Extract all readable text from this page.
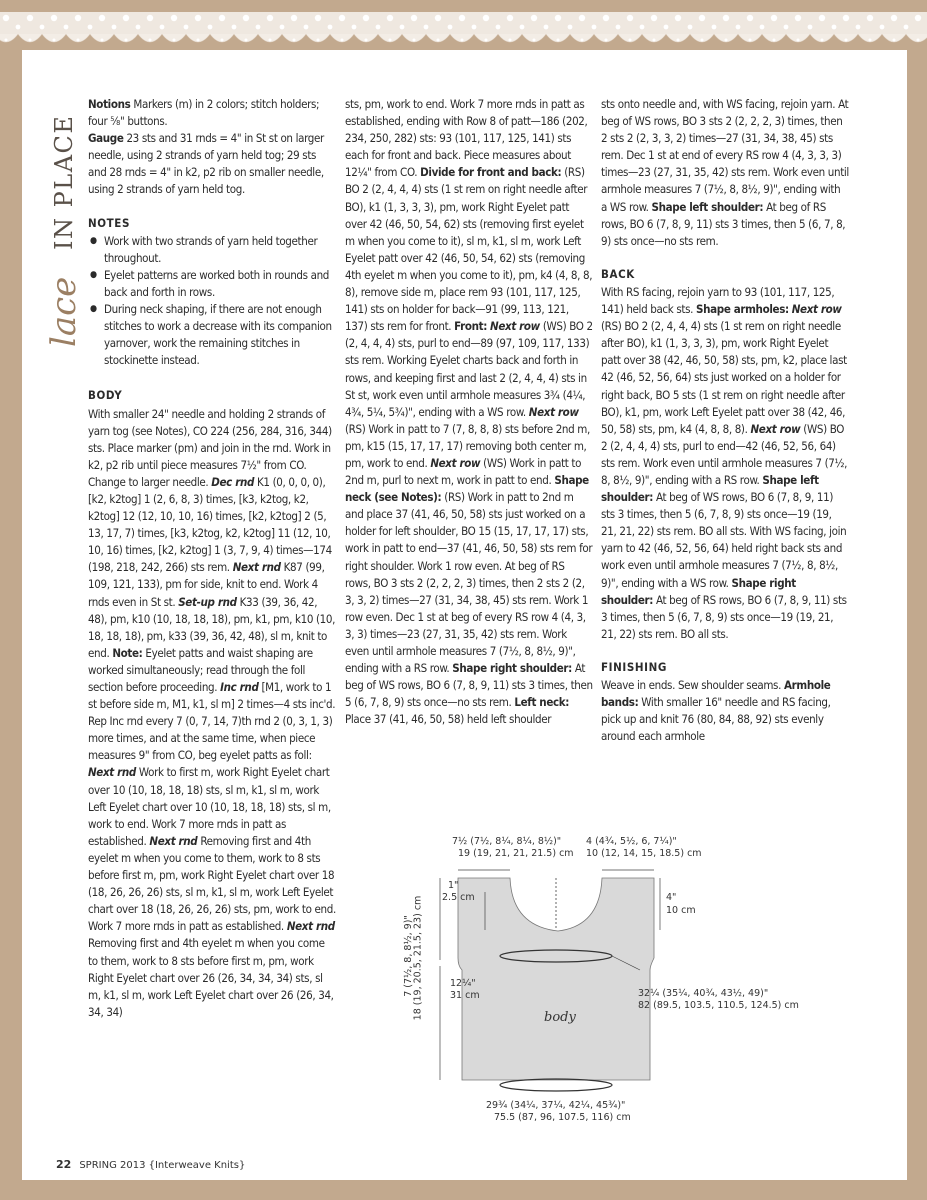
lace
IN PLACE

Notions Markers (m) in 2 colors; stitch holders; four ⅝" buttons.

Gauge 23 sts and 31 rnds = 4" in St st on larger needle, using 2 strands of yarn held tog; 29 sts and 28 rnds = 4" in k2, p2 rib on smaller needle, using 2 strands of yarn held tog.

NOTES
● Work with two strands of yarn held together throughout.
● Eyelet patterns are worked both in rounds and back and forth in rows.
● During neck shaping, if there are not enough stitches to work a decrease with its companion yarnover, work the remaining stitches in stockinette instead.
BODY

With smaller 24" needle and holding 2 strands of yarn tog (see Notes), CO 224 (256, 284, 316, 344) sts. Place marker (pm) and join in the rnd. Work in k2, p2 rib until piece measures 7½" from CO. Change to larger needle. Dec rnd K1 (0, 0, 0, 0), [k2, k2tog] 1 (2, 6, 8, 3) times, [k3, k2tog, k2, k2tog] 12 (12, 10, 10, 16) times, [k2, k2tog] 2 (5, 13, 17, 7) times, [k3, k2tog, k2, k2tog] 11 (12, 10, 10, 16) times, [k2, k2tog] 1 (3, 7, 9, 4) times—174 (198, 218, 242, 266) sts rem. Next rnd K87 (99, 109, 121, 133), pm for side, knit to end. Work 4 rnds even in St st. Set-up rnd K33 (39, 36, 42, 48), pm, k10 (10, 18, 18, 18), pm, k1, pm, k10 (10, 18, 18, 18), pm, k33 (39, 36, 42, 48), sl m, knit to end. Note: Eyelet patts and waist shaping are worked simultaneously; read through the foll section before proceeding. Inc rnd [M1, work to 1 st before side m, M1, k1, sl m] 2 times—4 sts inc'd. Rep Inc rnd every 7 (0, 7, 14, 7)th rnd 2 (0, 3, 1, 3) more times, and at the same time, when piece measures 9" from CO, beg eyelet patts as foll: Next rnd Work to first m, work Right Eyelet chart over 10 (10, 18, 18, 18) sts, sl m, k1, sl m, work Left Eyelet chart over 10 (10, 18, 18, 18) sts, sl m, work to end. Work 7 more rnds in patt as established. Next rnd Removing first and 4th eyelet m when you come to them, work to 8 sts before first m, pm, work Right Eyelet chart over 18 (18, 26, 26, 26) sts, sl m, k1, sl m, work Left Eyelet chart over 18 (18, 26, 26, 26) sts, pm, work to end. Work 7 more rnds in patt as established. Next rnd Removing first and 4th eyelet m when you come to them, work to 8 sts before first m, pm, work Right Eyelet chart over 26 (26, 34, 34, 34) sts, sl m, k1, sl m, work Left Eyelet chart over 26 (26, 34, 34, 34)

sts, pm, work to end. Work 7 more rnds in patt as established, ending with Row 8 of patt—186 (202, 234, 250, 282) sts: 93 (101, 117, 125, 141) sts each for front and back. Piece measures about 12¼" from CO. Divide for front and back: (RS) BO 2 (2, 4, 4, 4) sts (1 st rem on right needle after BO), k1 (1, 3, 3, 3), pm, work Right Eyelet patt over 42 (46, 50, 54, 62) sts (removing first eyelet m when you come to it), sl m, k1, sl m, work Left Eyelet patt over 42 (46, 50, 54, 62) sts (removing 4th eyelet m when you come to it), pm, k4 (4, 8, 8, 8), remove side m, place rem 93 (101, 117, 125, 141) sts on holder for back—91 (99, 113, 121, 137) sts rem for front. Front: Next row (WS) BO 2 (2, 4, 4, 4) sts, purl to end—89 (97, 109, 117, 133) sts rem. Working Eyelet charts back and forth in rows, and keeping first and last 2 (2, 4, 4, 4) sts in St st, work even until armhole measures 3¾ (4¼, 4¾, 5¼, 5¾)", ending with a WS row. Next row (RS) Work in patt to 7 (7, 8, 8, 8) sts before 2nd m, pm, k15 (15, 17, 17, 17) removing both center m, pm, work to end. Next row (WS) Work in patt to 2nd m, purl to next m, work in patt to end. Shape neck (see Notes): (RS) Work in patt to 2nd m and place 37 (41, 46, 50, 58) sts just worked on a holder for left shoulder, BO 15 (15, 17, 17, 17) sts, work in patt to end—37 (41, 46, 50, 58) sts rem for right shoulder. Work 1 row even. At beg of RS rows, BO 3 sts 2 (2, 2, 2, 3) times, then 2 sts 2 (2, 3, 3, 2) times—27 (31, 34, 38, 45) sts rem. Work 1 row even. Dec 1 st at beg of every RS row 4 (4, 3, 3, 3) times—23 (27, 31, 35, 42) sts rem. Work even until armhole measures 7 (7½, 8, 8½, 9)", ending with a RS row. Shape right shoulder: At beg of WS rows, BO 6 (7, 8, 9, 11) sts 3 times, then 5 (6, 7, 8, 9) sts once—no sts rem. Left neck: Place 37 (41, 46, 50, 58) held left shoulder

sts onto needle and, with WS facing, rejoin yarn. At beg of WS rows, BO 3 sts 2 (2, 2, 2, 3) times, then 2 sts 2 (2, 3, 3, 2) times—27 (31, 34, 38, 45) sts rem. Dec 1 st at end of every RS row 4 (4, 3, 3, 3) times—23 (27, 31, 35, 42) sts rem. Work even until armhole measures 7 (7½, 8, 8½, 9)", ending with a WS row. Shape left shoulder: At beg of RS rows, BO 6 (7, 8, 9, 11) sts 3 times, then 5 (6, 7, 8, 9) sts once—no sts rem.

BACK

With RS facing, rejoin yarn to 93 (101, 117, 125, 141) held back sts. Shape armholes: Next row (RS) BO 2 (2, 4, 4, 4) sts (1 st rem on right needle after BO), k1 (1, 3, 3, 3), pm, work Right Eyelet patt over 38 (42, 46, 50, 58) sts, pm, k2, place last 42 (46, 52, 56, 64) sts just worked on a holder for right back, BO 5 sts (1 st rem on right needle after BO), k1, pm, work Left Eyelet patt over 38 (42, 46, 50, 58) sts, pm, k4 (4, 8, 8, 8). Next row (WS) BO 2 (2, 4, 4, 4) sts, purl to end—42 (46, 52, 56, 64) sts rem. Work even until armhole measures 7 (7½, 8, 8½, 9)", ending with a RS row. Shape left shoulder: At beg of WS rows, BO 6 (7, 8, 9, 11) sts 3 times, then 5 (6, 7, 8, 9) sts once—19 (19, 21, 21, 22) sts rem. BO all sts. With WS facing, join yarn to 42 (46, 52, 56, 64) held right back sts and work even until armhole measures 7 (7½, 8, 8½, 9)", ending with a WS row. Shape right shoulder: At beg of RS rows, BO 6 (7, 8, 9, 11) sts 3 times, then 5 (6, 7, 8, 9) sts once—19 (19, 21, 21, 22) sts rem. BO all sts.

FINISHING

Weave in ends. Sew shoulder seams. Armhole bands: With smaller 16" needle and RS facing, pick up and knit 76 (80, 84, 88, 92) sts evenly around each armhole

7½ (7½, 8¼, 8¼, 8½)"
19 (19, 21, 21, 21.5) cm
4 (4¾, 5½, 6, 7¼)"
10 (12, 14, 15, 18.5) cm
1"
2.5 cm	4"
10 cm
7 (7½, 8, 8½, 9)"
18 (19, 20.5, 21.5, 23) cm	12¼"
31 cm	32¼ (35¼, 40¾, 43½, 49)"
82 (89.5, 103.5, 110.5, 124.5) cm
body
29¾ (34¼, 37¼, 42¼, 45¾)"
75.5 (87, 96, 107.5, 116) cm
22 SPRING 2013 {Interweave Knits}
